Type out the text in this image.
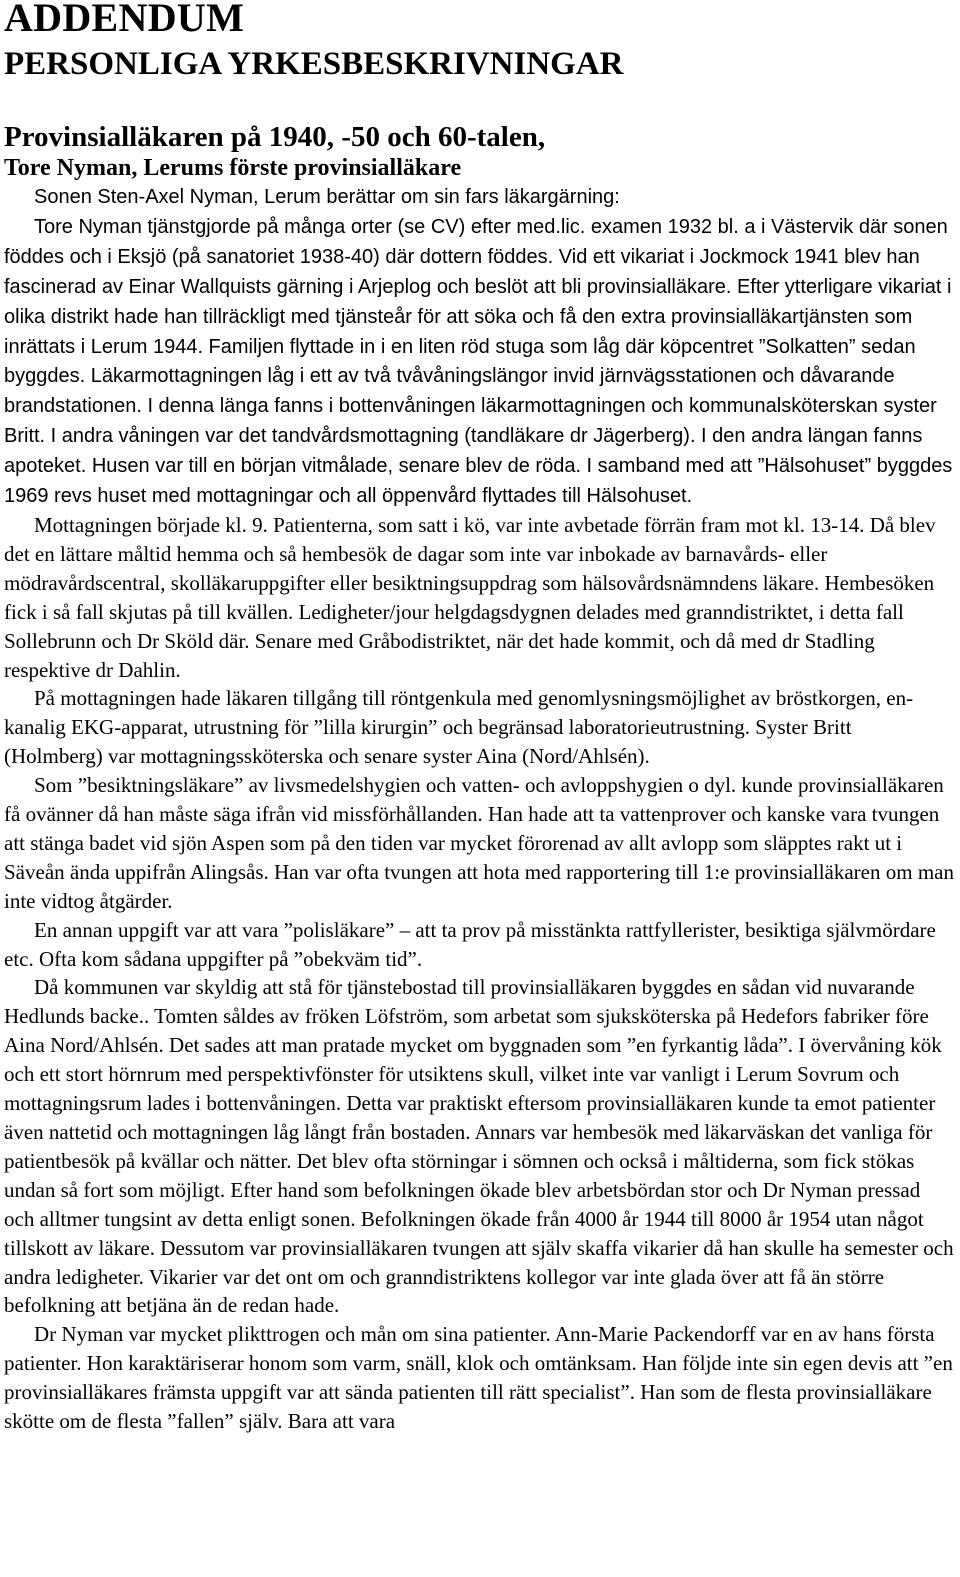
ADDENDUM
PERSONLIGA YRKESBESKRIVNINGAR
Provinsialläkaren på 1940, -50 och 60-talen,
Tore Nyman, Lerums förste provinsialläkare

Sonen Sten-Axel Nyman, Lerum berättar om sin fars läkargärning:

Tore Nyman tjänstgjorde på många orter (se CV) efter med.lic. examen 1932 bl. a i Västervik där sonen föddes och i Eksjö (på sanatoriet 1938-40) där dottern föddes. Vid ett vikariat i Jockmock 1941 blev han fascinerad av Einar Wallquists gärning i Arjeplog och beslöt att bli provinsialläkare. Efter ytterligare vikariat i olika distrikt hade han tillräckligt med tjänsteår för att söka och få den extra provinsialläkartjänsten som inrättats i Lerum 1944. Familjen flyttade in i en liten röd stuga som låg där köpcentret ”Solkatten” sedan byggdes. Läkarmottagningen låg i ett av två tvåvåningslängor invid järnvägsstationen och dåvarande brandstationen. I denna länga fanns i bottenvåningen läkarmottagningen och kommunalsköterskan syster Britt. I andra våningen var det tandvårdsmottagning (tandläkare dr Jägerberg). I den andra längan fanns apoteket. Husen var till en början vitmålade, senare blev de röda. I samband med att ”Hälsohuset” byggdes 1969 revs huset med mottagningar och all öppenvård flyttades till Hälsohuset.

Mottagningen började kl. 9. Patienterna, som satt i kö, var inte avbetade förrän fram mot kl. 13-14. Då blev det en lättare måltid hemma och så hembesök de dagar som inte var inbokade av barnavårds- eller mödravårdscentral, skolläkaruppgifter eller besiktningsuppdrag som hälsovårdsnämndens läkare. Hembesöken fick i så fall skjutas på till kvällen. Ledigheter/jour helgdagsdygnen delades med granndistriktet, i detta fall Sollebrunn och Dr Sköld där. Senare med Gråbodistriktet, när det hade kommit, och då med dr Stadling respektive dr Dahlin.

På mottagningen hade läkaren tillgång till röntgenkula med genomlysningsmöjlighet av bröstkorgen, en-kanalig EKG-apparat, utrustning för ”lilla kirurgin” och begränsad laboratorieutrustning. Syster Britt (Holmberg) var mottagningssköterska och senare syster Aina (Nord/Ahlsén).

Som ”besiktningsläkare” av livsmedelshygien och vatten- och avloppshygien o dyl. kunde provinsialläkaren få ovänner då han måste säga ifrån vid missförhållanden. Han hade att ta vattenprover och kanske vara tvungen att stänga badet vid sjön Aspen som på den tiden var mycket förorenad av allt avlopp som släpptes rakt ut i Säveån ända uppifrån Alingsås. Han var ofta tvungen att hota med rapportering till 1:e provinsialläkaren om man inte vidtog åtgärder.

En annan uppgift var att vara ”polisläkare” – att ta prov på misstänkta rattfyllerister, besiktiga självmördare etc. Ofta kom sådana uppgifter på ”obekväm tid”.

Då kommunen var skyldig att stå för tjänstebostad till provinsialläkaren byggdes en sådan vid nuvarande Hedlunds backe.. Tomten såldes av fröken Löfström, som arbetat som sjuksköterska på Hedefors fabriker före Aina Nord/Ahlsén. Det sades att man pratade mycket om byggnaden som ”en fyrkantig låda”. I övervåning kök och ett stort hörnrum med perspektivfönster för utsiktens skull, vilket inte var vanligt i Lerum Sovrum och mottagningsrum lades i bottenvåningen. Detta var praktiskt eftersom provinsialläkaren kunde ta emot patienter även nattetid och mottagningen låg långt från bostaden. Annars var hembesök med läkarväskan det vanliga för patientbesök på kvällar och nätter. Det blev ofta störningar i sömnen och också i måltiderna, som fick stökas undan så fort som möjligt. Efter hand som befolkningen ökade blev arbetsbördan stor och Dr Nyman pressad och alltmer tungsint av detta enligt sonen. Befolkningen ökade från 4000 år 1944 till 8000 år 1954 utan något tillskott av läkare. Dessutom var provinsialläkaren tvungen att själv skaffa vikarier då han skulle ha semester och andra ledigheter. Vikarier var det ont om och granndistriktens kollegor var inte glada över att få än större befolkning att betjäna än de redan hade.

Dr Nyman var mycket plikttrogen och mån om sina patienter. Ann-Marie Packendorff var en av hans första patienter. Hon karaktäriserar honom som varm, snäll, klok och omtänksam. Han följde inte sin egen devis att ”en provinsialläkares främsta uppgift var att sända patienten till rätt specialist”. Han som de flesta provinsialläkare skötte om de flesta ”fallen” själv. Bara att vara
